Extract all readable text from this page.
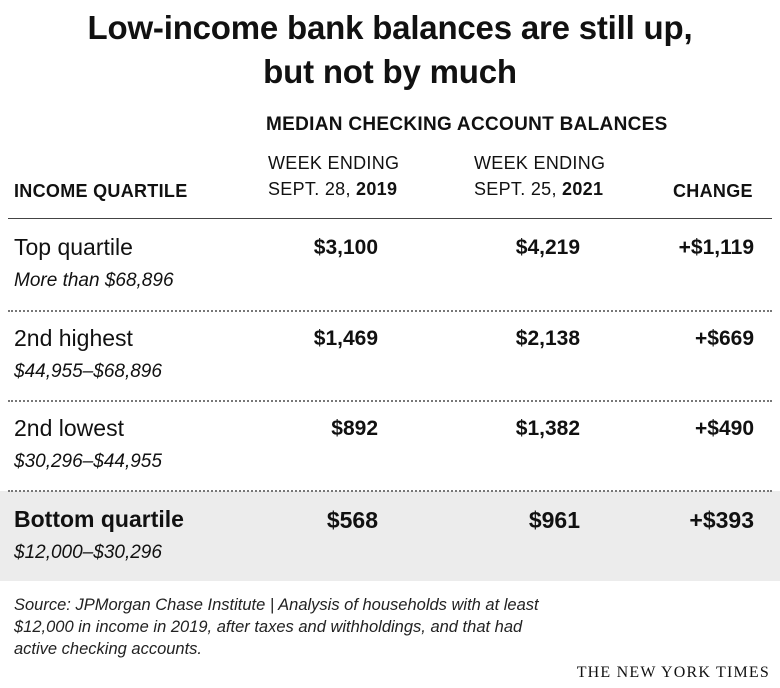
Low-income bank balances are still up,
but not by much
MEDIAN CHECKING ACCOUNT BALANCES
INCOME QUARTILE
WEEK ENDING
SEPT. 28, 2019
WEEK ENDING
SEPT. 25, 2021	CHANGE
Top quartile
More than $68,896
$3,100	$4,219	+$1,119
2nd highest
$44,955–$68,896
$1,469	$2,138	+$669
2nd lowest
$30,296–$44,955
$892	$1,382	+$490
Bottom quartile
$12,000–$30,296
$568	$961	+$393
Source: JPMorgan Chase Institute | Analysis of households with at least
$12,000 in income in 2019, after taxes and withholdings, and that had
active checking accounts.
THE NEW YORK TIMES
